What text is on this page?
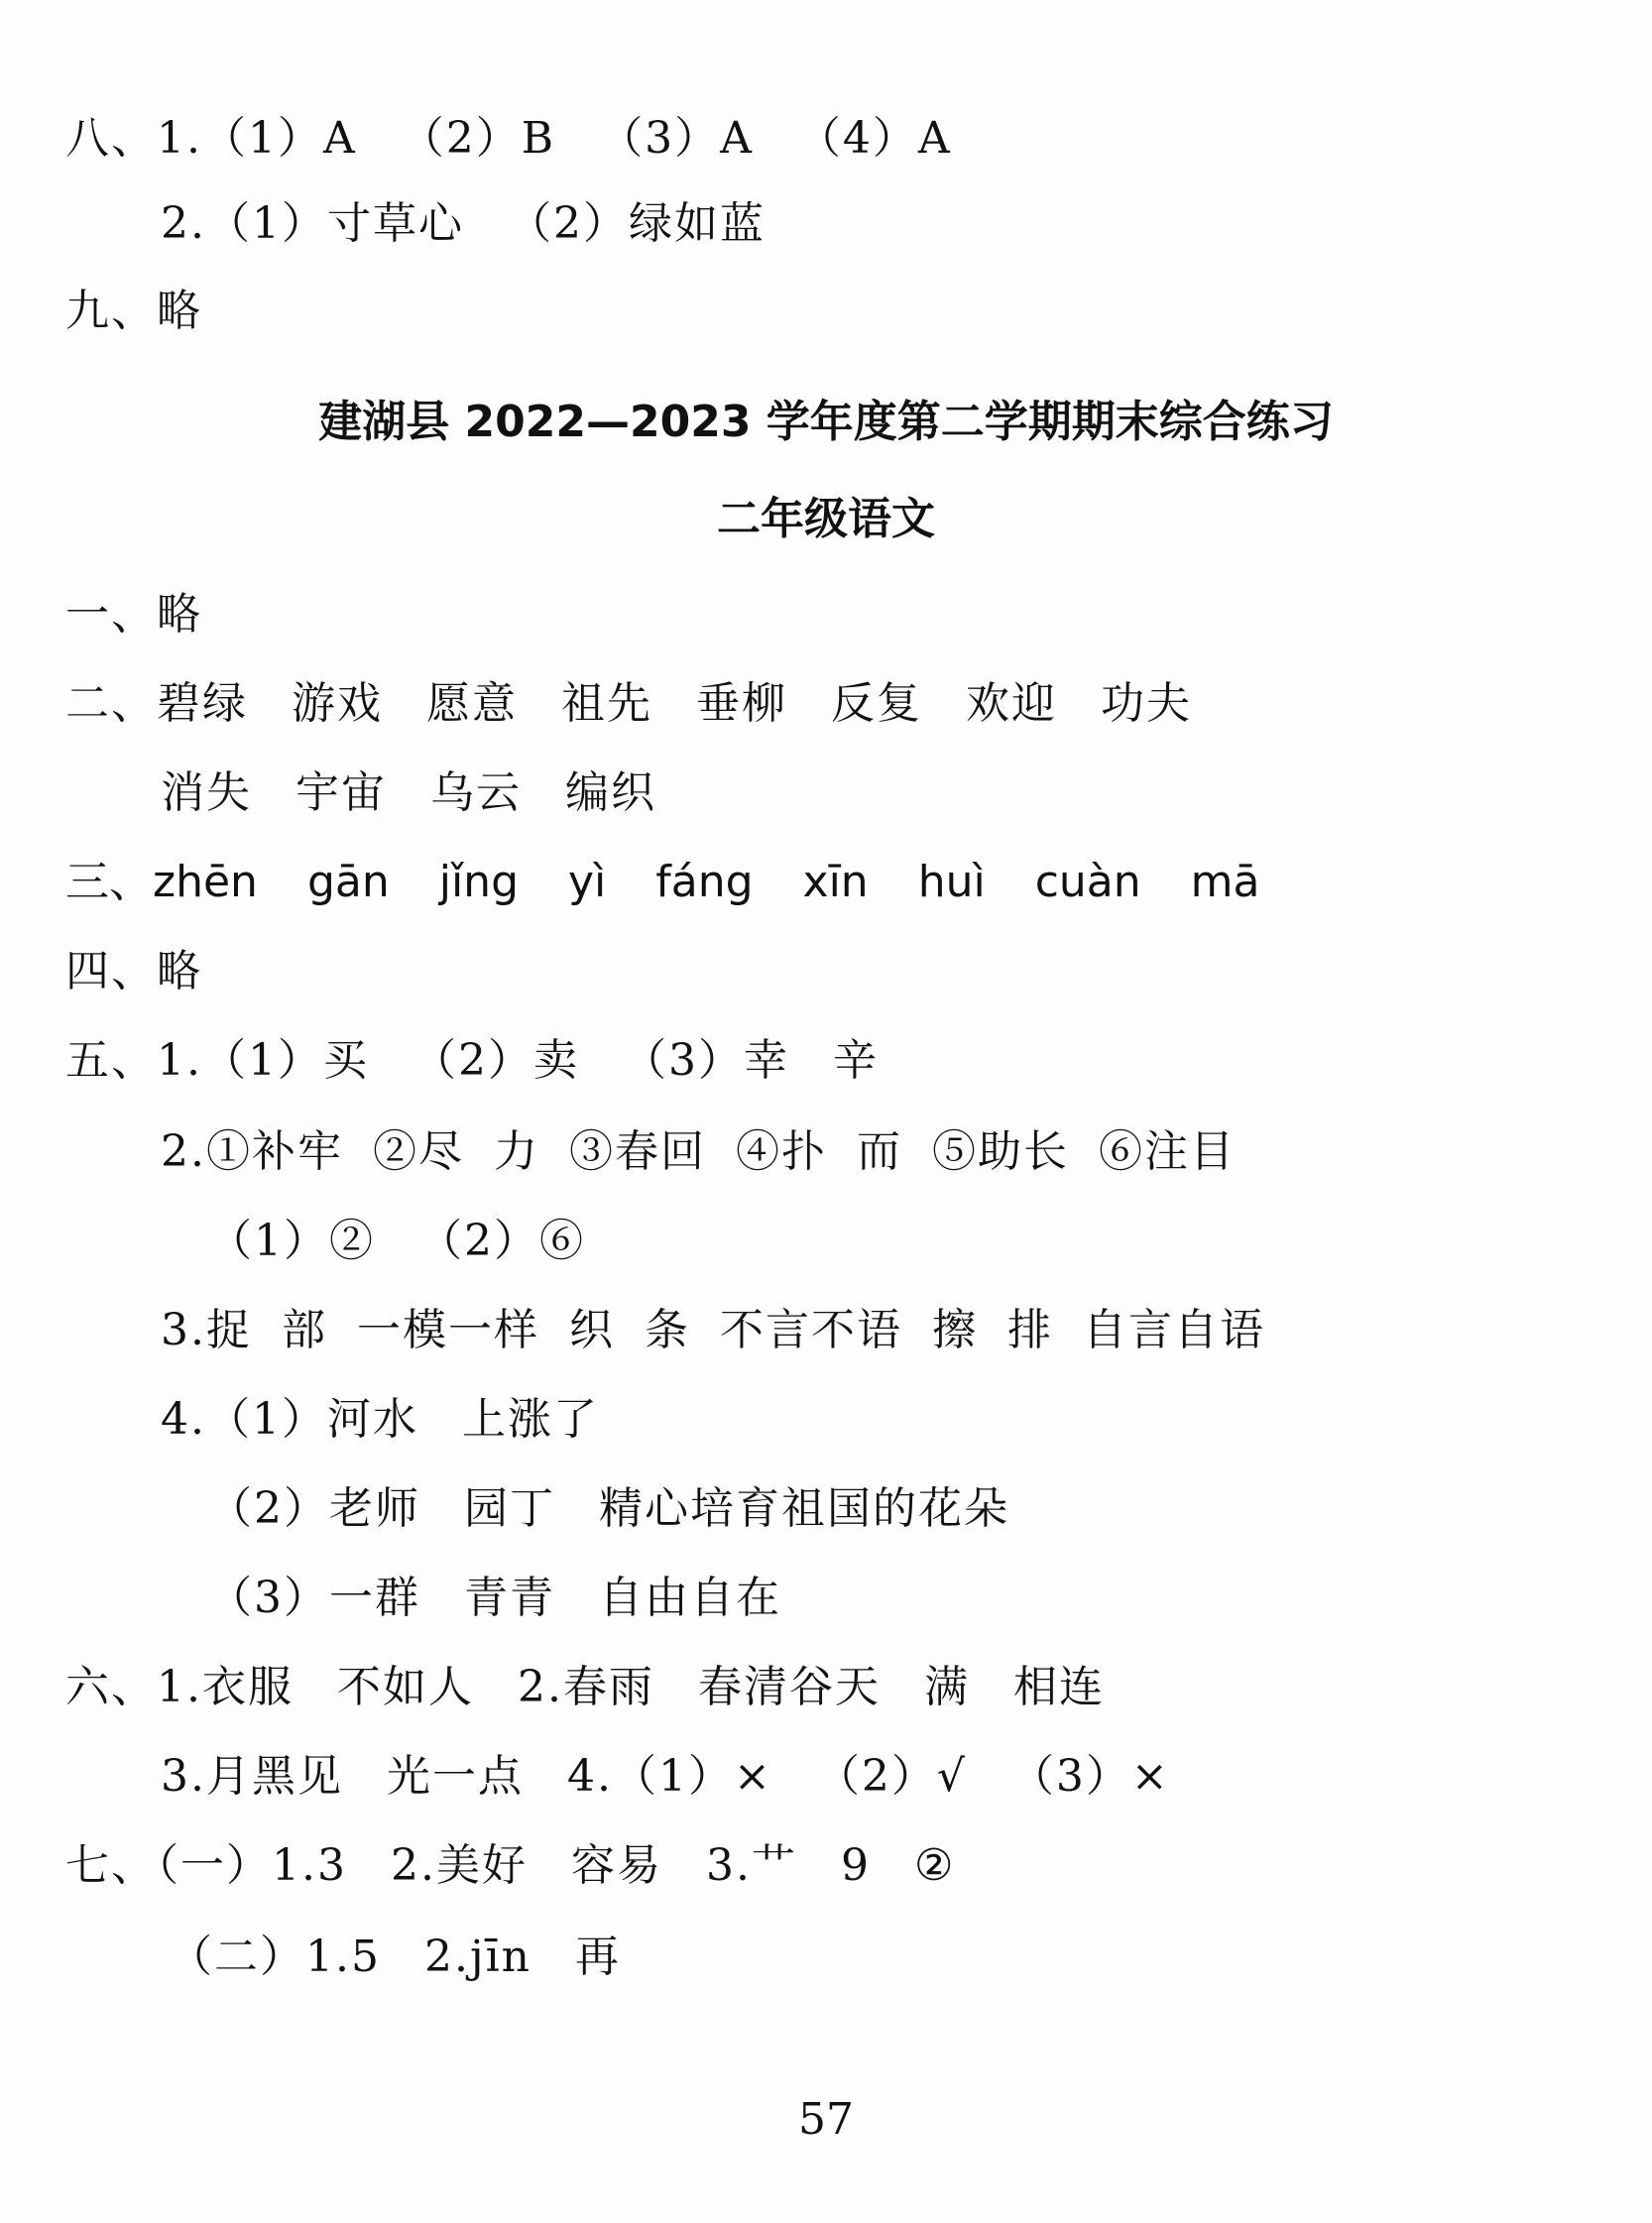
八、1.（1）A （2）B （3）A （4）A
2.（1）寸草心 （2）绿如蓝
九、略
建湖县 2022—2023 学年度第二学期期末综合练习
二年级语文
一、略
二、碧绿 游戏 愿意 祖先 垂柳 反复 欢迎 功夫
消失 宇宙 乌云 编织
三、zhēn gān jǐng yì fáng xīn huì cuàn mā
四、略
五、1.（1）买 （2）卖 （3）幸 辛
2.①补牢 ②尽 力 ③春回 ④扑 而 ⑤助长 ⑥注目
（1）② （2）⑥
3.捉 部 一模一样 织 条 不言不语 擦 排 自言自语
4.（1）河水 上涨了
（2）老师 园丁 精心培育祖国的花朵
（3）一群 青青 自由自在
六、1.衣服 不如人 2.春雨 春清谷天 满 相连
3.月黑见 光一点 4.（1）× （2）√ （3）×
七、（一）1.3 2.美好 容易 3.艹 9 ②
（二）1.5 2.jīn 再
57
